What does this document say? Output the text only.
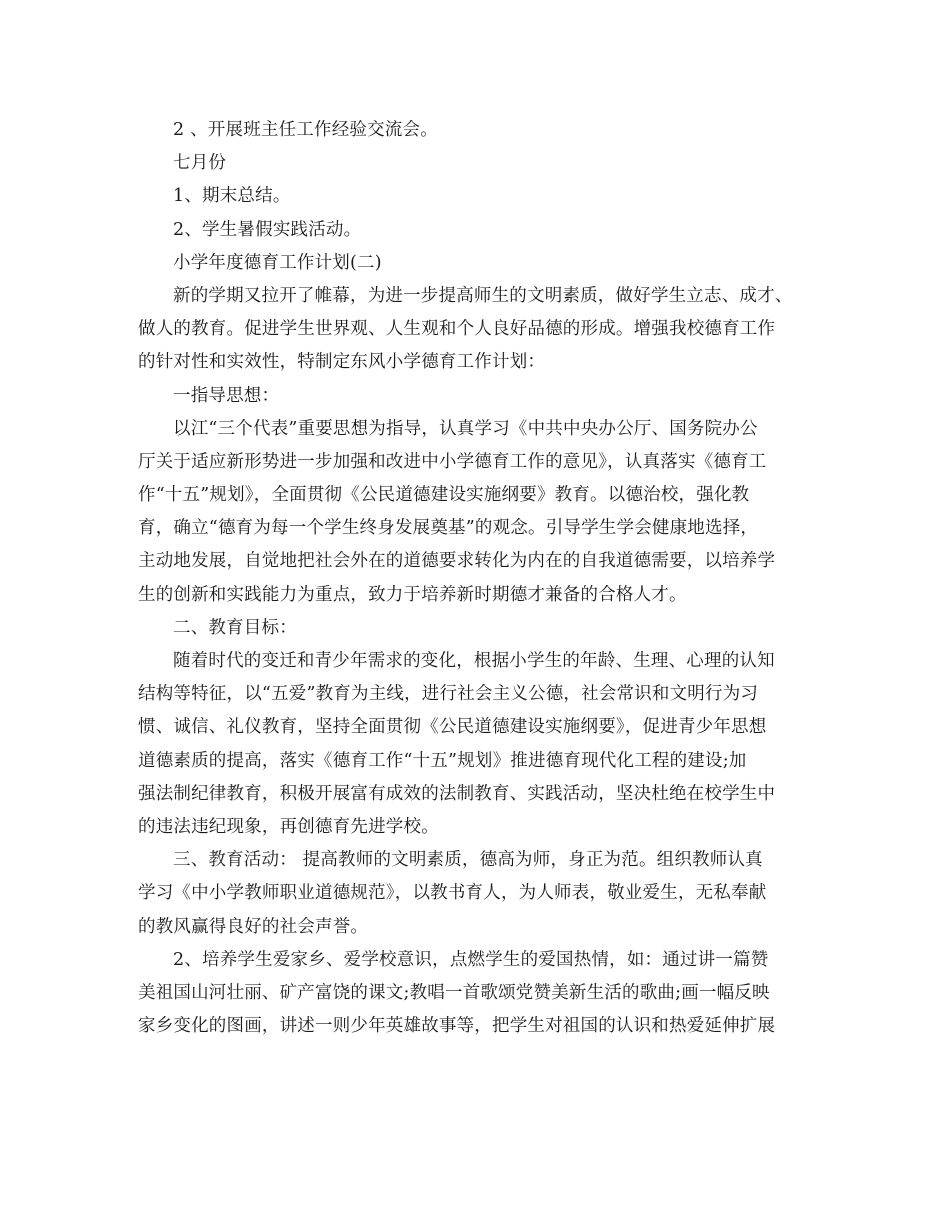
2 、开展班主任工作经验交流会。
七月份
1、期末总结。
2、学生暑假实践活动。
小学年度德育工作计划(二)
新的学期又拉开了帷幕，为进一步提高师生的文明素质，做好学生立志、成才、
做人的教育。促进学生世界观、人生观和个人良好品德的形成。增强我校德育工作
的针对性和实效性，特制定东风小学德育工作计划：
一指导思想：
以江“三个代表”重要思想为指导，认真学习《中共中央办公厅、国务院办公
厅关于适应新形势进一步加强和改进中小学德育工作的意见》，认真落实《德育工
作“十五”规划》，全面贯彻《公民道德建设实施纲要》教育。以德治校，强化教
育，确立“德育为每一个学生终身发展奠基”的观念。引导学生学会健康地选择，
主动地发展，自觉地把社会外在的道德要求转化为内在的自我道德需要，以培养学
生的创新和实践能力为重点，致力于培养新时期德才兼备的合格人才。
二、教育目标：
随着时代的变迁和青少年需求的变化，根据小学生的年龄、生理、心理的认知
结构等特征，以“五爱”教育为主线，进行社会主义公德，社会常识和文明行为习
惯、诚信、礼仪教育，坚持全面贯彻《公民道德建设实施纲要》，促进青少年思想
道德素质的提高，落实《德育工作“十五”规划》推进德育现代化工程的建设;加
强法制纪律教育，积极开展富有成效的法制教育、实践活动，坚决杜绝在校学生中
的违法违纪现象，再创德育先进学校。
三、教育活动： 提高教师的文明素质，德高为师，身正为范。组织教师认真
学习《中小学教师职业道德规范》，以教书育人，为人师表，敬业爱生，无私奉献
的教风赢得良好的社会声誉。
2、培养学生爱家乡、爱学校意识，点燃学生的爱国热情，如：通过讲一篇赞
美祖国山河壮丽、矿产富饶的课文;教唱一首歌颂党赞美新生活的歌曲;画一幅反映
家乡变化的图画，讲述一则少年英雄故事等，把学生对祖国的认识和热爱延伸扩展
